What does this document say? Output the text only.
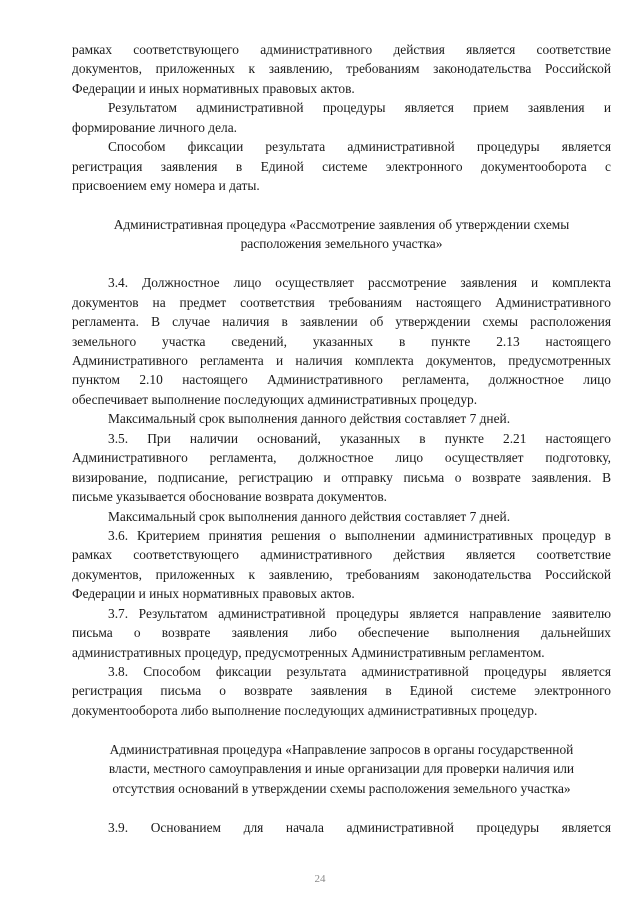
рамках соответствующего административного действия является соответствие
документов, приложенных к заявлению, требованиям законодательства Российской
Федерации и иных нормативных правовых актов.

Результатом административной процедуры является прием заявления и
формирование личного дела.

Способом фиксации результата административной процедуры является
регистрация заявления в Единой системе электронного документооборота с
присвоением ему номера и даты.

Административная процедура «Рассмотрение заявления об утверждении схемы
расположения земельного участка»

3.4. Должностное лицо осуществляет рассмотрение заявления и комплекта
документов на предмет соответствия требованиям настоящего Административного
регламента. В случае наличия в заявлении об утверждении схемы расположения
земельного участка сведений, указанных в пункте 2.13 настоящего
Административного регламента и наличия комплекта документов, предусмотренных
пунктом 2.10 настоящего Административного регламента, должностное лицо
обеспечивает выполнение последующих административных процедур.

Максимальный срок выполнения данного действия составляет 7 дней.

3.5. При наличии оснований, указанных в пункте 2.21 настоящего
Административного регламента, должностное лицо осуществляет подготовку,
визирование, подписание, регистрацию и отправку письма о возврате заявления. В
письме указывается обоснование возврата документов.

Максимальный срок выполнения данного действия составляет 7 дней.

3.6. Критерием принятия решения о выполнении административных процедур в
рамках соответствующего административного действия является соответствие
документов, приложенных к заявлению, требованиям законодательства Российской
Федерации и иных нормативных правовых актов.

3.7. Результатом административной процедуры является направление заявителю
письма о возврате заявления либо обеспечение выполнения дальнейших
административных процедур, предусмотренных Административным регламентом.

3.8. Способом фиксации результата административной процедуры является
регистрация письма о возврате заявления в Единой системе электронного
документооборота либо выполнение последующих административных процедур.

Административная процедура «Направление запросов в органы государственной
власти, местного самоуправления и иные организации для проверки наличия или
отсутствия оснований в утверждении схемы расположения земельного участка»

3.9. Основанием для начала административной процедуры является

24
